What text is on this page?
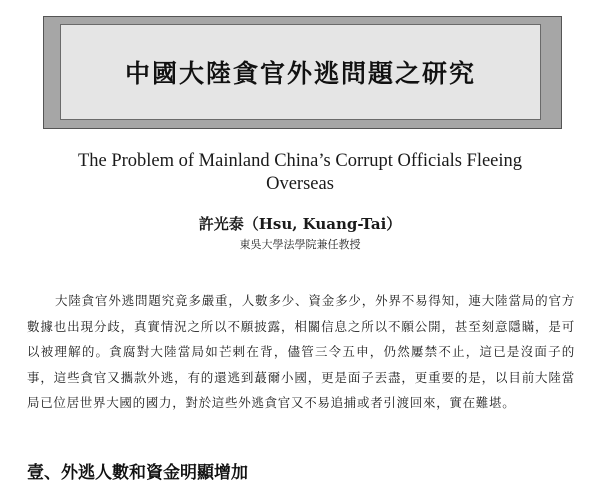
中國大陸貪官外逃問題之研究
The Problem of Mainland China’s Corrupt Officials Fleeing
Overseas
許光泰（Hsu, Kuang-Tai）
東吳大學法學院兼任教授

大陸貪官外逃問題究竟多嚴重，人數多少、資金多少，外界不易得知，連大陸當局的官方數據也出現分歧，真實情況之所以不願披露，相關信息之所以不願公開，甚至刻意隱瞞，是可以被理解的。貪腐對大陸當局如芒剌在背，儘管三令五申，仍然屢禁不止，這已是沒面子的事，這些貪官又攜款外逃，有的還逃到蕞爾小國，更是面子丟盡，更重要的是，以目前大陸當局已位居世界大國的國力，對於這些外逃貪官又不易追捕或者引渡回來，實在難堪。

壹、外逃人數和資金明顯增加
